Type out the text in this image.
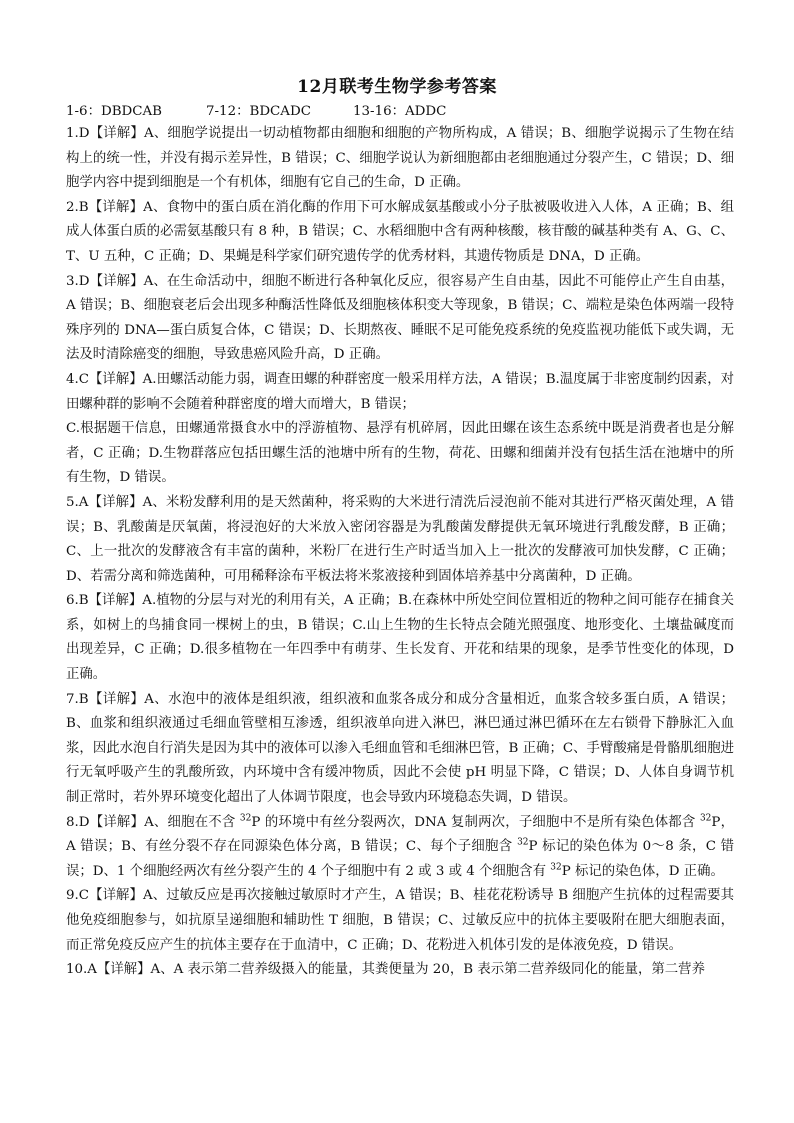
12月联考生物学参考答案
1-6：DBDCAB	7-12：BDCADC	13-16：ADDC

1.D【详解】A、细胞学说提出一切动植物都由细胞和细胞的产物所构成，A 错误；B、细胞学说揭示了生物在结构上的统一性，并没有揭示差异性，B 错误；C、细胞学说认为新细胞都由老细胞通过分裂产生，C 错误；D、细胞学内容中提到细胞是一个有机体，细胞有它自己的生命，D 正确。

2.B【详解】A、食物中的蛋白质在消化酶的作用下可水解成氨基酸或小分子肽被吸收进入人体，A 正确；B、组成人体蛋白质的必需氨基酸只有 8 种，B 错误；C、水稻细胞中含有两种核酸，核苷酸的碱基种类有 A、G、C、T、U 五种，C 正确；D、果蝇是科学家们研究遗传学的优秀材料，其遗传物质是 DNA，D 正确。

3.D【详解】A、在生命活动中，细胞不断进行各种氧化反应，很容易产生自由基，因此不可能停止产生自由基，A 错误；B、细胞衰老后会出现多种酶活性降低及细胞核体积变大等现象，B 错误；C、端粒是染色体两端一段特殊序列的 DNA—蛋白质复合体，C 错误；D、长期熬夜、睡眠不足可能免疫系统的免疫监视功能低下或失调，无法及时清除癌变的细胞，导致患癌风险升高，D 正确。

4.C【详解】A.田螺活动能力弱，调查田螺的种群密度一般采用样方法，A 错误；B.温度属于非密度制约因素，对田螺种群的影响不会随着种群密度的增大而增大，B 错误；

C.根据题干信息，田螺通常摄食水中的浮游植物、悬浮有机碎屑，因此田螺在该生态系统中既是消费者也是分解者，C 正确；D.生物群落应包括田螺生活的池塘中所有的生物，荷花、田螺和细菌并没有包括生活在池塘中的所有生物，D 错误。

5.A【详解】A、米粉发酵利用的是天然菌种，将采购的大米进行清洗后浸泡前不能对其进行严格灭菌处理，A 错误；B、乳酸菌是厌氧菌，将浸泡好的大米放入密闭容器是为乳酸菌发酵提供无氧环境进行乳酸发酵，B 正确；C、上一批次的发酵液含有丰富的菌种，米粉厂在进行生产时适当加入上一批次的发酵液可加快发酵，C 正确；D、若需分离和筛选菌种，可用稀释涂布平板法将米浆液接种到固体培养基中分离菌种，D 正确。

6.B【详解】A.植物的分层与对光的利用有关，A 正确；B.在森林中所处空间位置相近的物种之间可能存在捕食关系，如树上的鸟捕食同一棵树上的虫，B 错误；C.山上生物的生长特点会随光照强度、地形变化、土壤盐碱度而出现差异，C 正确；D.很多植物在一年四季中有萌芽、生长发育、开花和结果的现象，是季节性变化的体现，D 正确。

7.B【详解】A、水泡中的液体是组织液，组织液和血浆各成分和成分含量相近，血浆含较多蛋白质，A 错误；B、血浆和组织液通过毛细血管壁相互渗透，组织液单向进入淋巴，淋巴通过淋巴循环在左右锁骨下静脉汇入血浆，因此水泡自行消失是因为其中的液体可以渗入毛细血管和毛细淋巴管，B 正确；C、手臂酸痛是骨骼肌细胞进行无氧呼吸产生的乳酸所致，内环境中含有缓冲物质，因此不会使 pH 明显下降，C 错误；D、人体自身调节机制正常时，若外界环境变化超出了人体调节限度，也会导致内环境稳态失调，D 错误。

8.D【详解】A、细胞在不含 $^{32}$P 的环境中有丝分裂两次，DNA 复制两次，子细胞中不是所有染色体都含 $^{32}$P，A 错误；B、有丝分裂不存在同源染色体分离，B 错误；C、每个子细胞含 $^{32}$P 标记的染色体为 0～8 条，C 错误；D、1 个细胞经两次有丝分裂产生的 4 个子细胞中有 2 或 3 或 4 个细胞含有 $^{32}$P 标记的染色体，D 正确。

9.C【详解】A、过敏反应是再次接触过敏原时才产生，A 错误；B、桂花花粉诱导 B 细胞产生抗体的过程需要其他免疫细胞参与，如抗原呈递细胞和辅助性 T 细胞，B 错误；C、过敏反应中的抗体主要吸附在肥大细胞表面，而正常免疫反应产生的抗体主要存在于血清中，C 正确；D、花粉进入机体引发的是体液免疫，D 错误。

10.A【详解】A、A 表示第二营养级摄入的能量，其粪便量为 20，B 表示第二营养级同化的能量，第二营养
